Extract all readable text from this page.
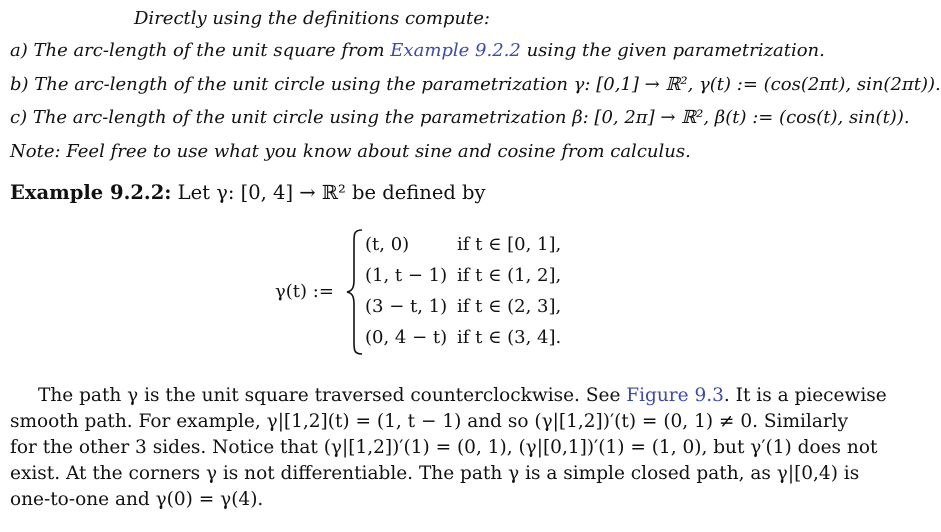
Directly using the definitions compute:
a) The arc-length of the unit square from Example 9.2.2 using the given parametrization.
b) The arc-length of the unit circle using the parametrization γ: [0,1] → ℝ², γ(t) := (cos(2πt), sin(2πt)).
c) The arc-length of the unit circle using the parametrization β: [0, 2π] → ℝ², β(t) := (cos(t), sin(t)).
Note: Feel free to use what you know about sine and cosine from calculus.
Example 9.2.2: Let γ: [0, 4] → ℝ² be defined by
γ(t) :=
(t, 0)	if t ∈ [0, 1],
(1, t − 1) if t ∈ (1, 2],
(3 − t, 1) if t ∈ (2, 3],
(0, 4 − t) if t ∈ (3, 4].
The path γ is the unit square traversed counterclockwise. See Figure 9.3. It is a piecewise
smooth path. For example, γ|[1,2](t) = (1, t − 1) and so (γ|[1,2])′(t) = (0, 1) ≠ 0. Similarly
for the other 3 sides. Notice that (γ|[1,2])′(1) = (0, 1), (γ|[0,1])′(1) = (1, 0), but γ′(1) does not
exist. At the corners γ is not differentiable. The path γ is a simple closed path, as γ|[0,4) is
one-to-one and γ(0) = γ(4).
